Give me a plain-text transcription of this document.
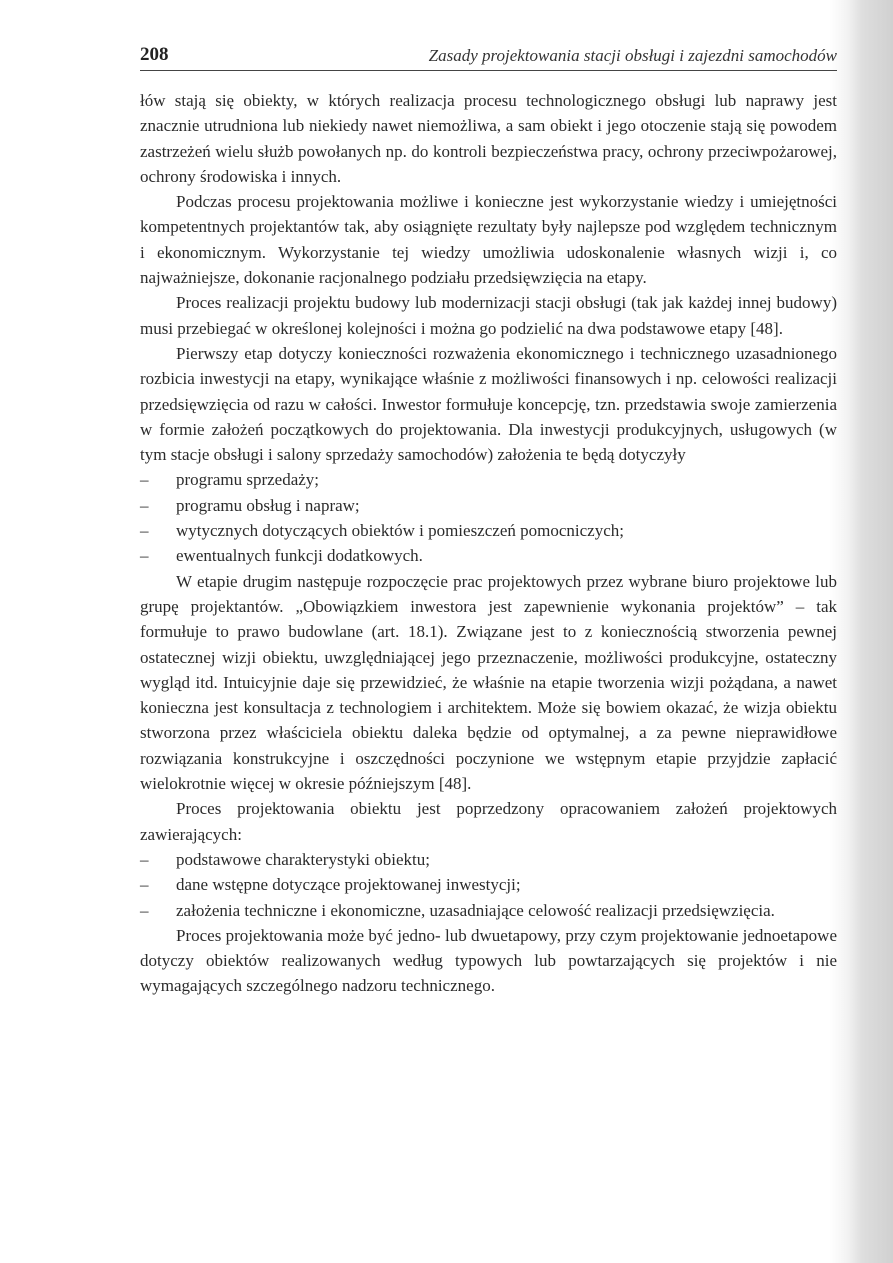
208	Zasady projektowania stacji obsługi i zajezdni samochodów

łów stają się obiekty, w których realizacja procesu technologicznego obsługi lub naprawy jest znacznie utrudniona lub niekiedy nawet niemożliwa, a sam obiekt i jego otoczenie stają się powodem zastrzeżeń wielu służb powołanych np. do kontroli bezpieczeństwa pracy, ochrony przeciwpożarowej, ochrony środowiska i innych.

Podczas procesu projektowania możliwe i konieczne jest wykorzystanie wiedzy i umiejętności kompetentnych projektantów tak, aby osiągnięte rezultaty były najlepsze pod względem technicznym i ekonomicznym. Wykorzystanie tej wiedzy umożliwia udoskonalenie własnych wizji i, co najważniejsze, dokonanie racjonalnego podziału przedsięwzięcia na etapy.

Proces realizacji projektu budowy lub modernizacji stacji obsługi (tak jak każdej innej budowy) musi przebiegać w określonej kolejności i można go podzielić na dwa podstawowe etapy [48].

Pierwszy etap dotyczy konieczności rozważenia ekonomicznego i technicznego uzasadnionego rozbicia inwestycji na etapy, wynikające właśnie z możliwości finansowych i np. celowości realizacji przedsięwzięcia od razu w całości. Inwestor formułuje koncepcję, tzn. przedstawia swoje zamierzenia w formie założeń początkowych do projektowania. Dla inwestycji produkcyjnych, usługowych (w tym stacje obsługi i salony sprzedaży samochodów) założenia te będą dotyczyły

– programu sprzedaży;
– programu obsług i napraw;
– wytycznych dotyczących obiektów i pomieszczeń pomocniczych;
– ewentualnych funkcji dodatkowych.

W etapie drugim następuje rozpoczęcie prac projektowych przez wybrane biuro projektowe lub grupę projektantów. „Obowiązkiem inwestora jest zapewnienie wykonania projektów” – tak formułuje to prawo budowlane (art. 18.1). Związane jest to z koniecznością stworzenia pewnej ostatecznej wizji obiektu, uwzględniającej jego przeznaczenie, możliwości produkcyjne, ostateczny wygląd itd. Intuicyjnie daje się przewidzieć, że właśnie na etapie tworzenia wizji pożądana, a nawet konieczna jest konsultacja z technologiem i architektem. Może się bowiem okazać, że wizja obiektu stworzona przez właściciela obiektu daleka będzie od optymalnej, a za pewne nieprawidłowe rozwiązania konstrukcyjne i oszczędności poczynione we wstępnym etapie przyjdzie zapłacić wielokrotnie więcej w okresie późniejszym [48].

Proces projektowania obiektu jest poprzedzony opracowaniem założeń projektowych zawierających:

– podstawowe charakterystyki obiektu;
– dane wstępne dotyczące projektowanej inwestycji;
– założenia techniczne i ekonomiczne, uzasadniające celowość realizacji przedsięwzięcia.

Proces projektowania może być jedno- lub dwuetapowy, przy czym projektowanie jednoetapowe dotyczy obiektów realizowanych według typowych lub powtarzających się projektów i nie wymagających szczególnego nadzoru technicznego.
